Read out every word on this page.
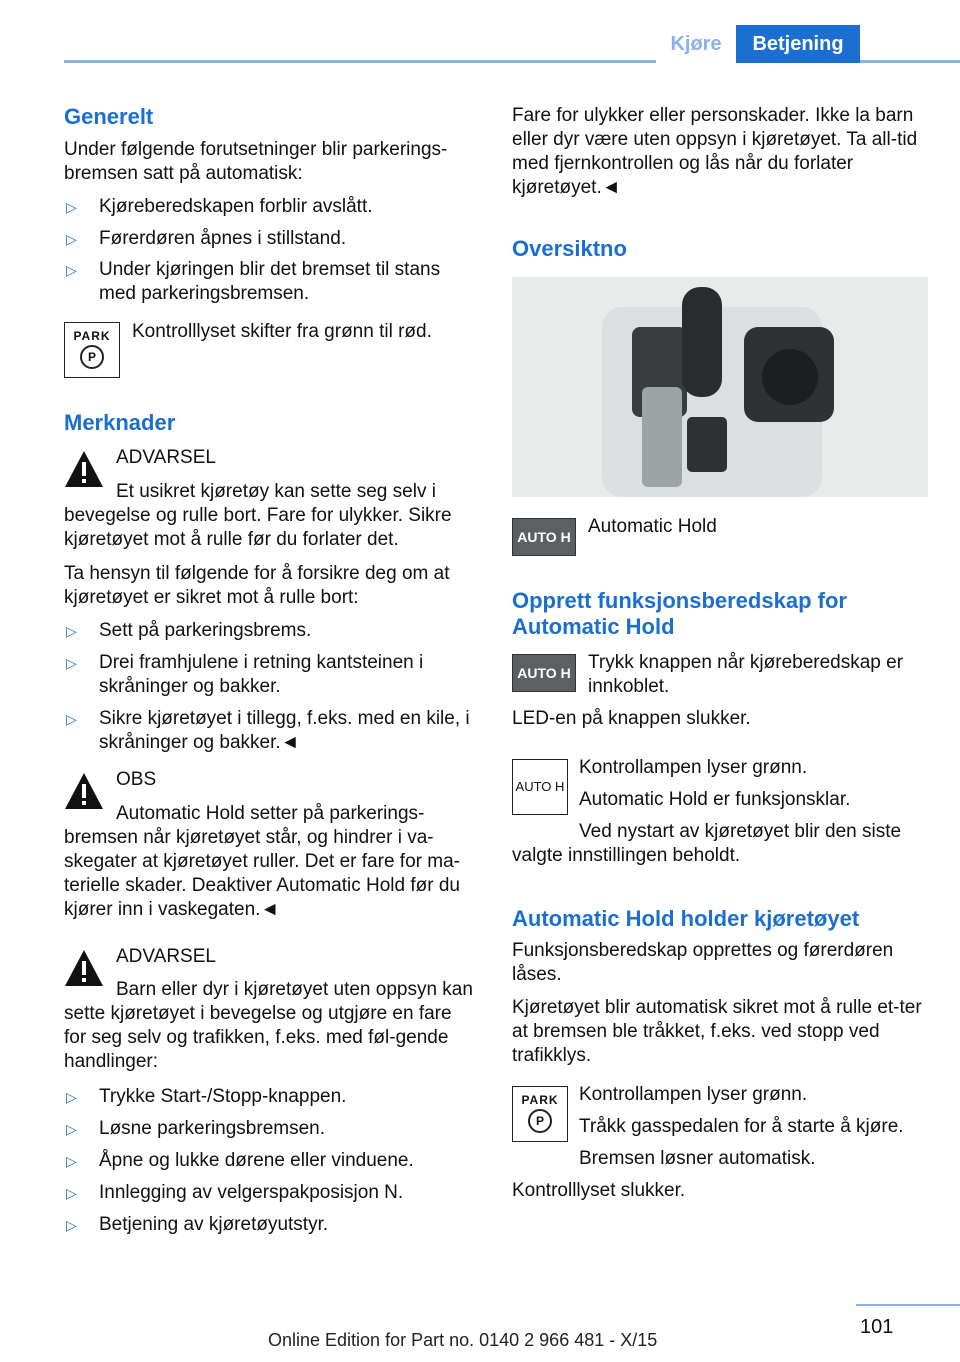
Kjøre	Betjening
Generelt
Under følgende forutsetninger blir parkerings-bremsen satt på automatisk:
▷ Kjøreberedskapen forblir avslått.
▷ Førerdøren åpnes i stillstand.
▷ Under kjøringen blir det bremset til stans med parkeringsbremsen.
PARK
P
Kontrolllyset skifter fra grønn til rød.
Merknader
ADVARSEL
Et usikret kjøretøy kan sette seg selv i bevegelse og rulle bort. Fare for ulykker. Sikre kjøretøyet mot å rulle før du forlater det.
Ta hensyn til følgende for å forsikre deg om at kjøretøyet er sikret mot å rulle bort:
▷ Sett på parkeringsbrems.
▷ Drei framhjulene i retning kantsteinen i skråninger og bakker.
▷ Sikre kjøretøyet i tillegg, f.eks. med en kile, i skråninger og bakker.◄
OBS
Automatic Hold setter på parkerings-bremsen når kjøretøyet står, og hindrer i va-skegater at kjøretøyet ruller. Det er fare for ma-terielle skader. Deaktiver Automatic Hold før du kjører inn i vaskegaten.◄
ADVARSEL
Barn eller dyr i kjøretøyet uten oppsyn kan sette kjøretøyet i bevegelse og utgjøre en fare for seg selv og trafikken, f.eks. med føl-gende handlinger:
▷ Trykke Start-/Stopp-knappen.
▷ Løsne parkeringsbremsen.
▷ Åpne og lukke dørene eller vinduene.
▷ Innlegging av velgerspakposisjon N.
▷ Betjening av kjøretøyutstyr.
Fare for ulykker eller personskader. Ikke la barn eller dyr være uten oppsyn i kjøretøyet. Ta all-tid med fjernkontrollen og lås når du forlater kjøretøyet.◄
Oversiktno
AUTO H Automatic Hold
Opprett funksjonsberedskap for Automatic Hold
AUTO H Trykk knappen når kjøreberedskap er innkoblet.
LED-en på knappen slukker.
AUTO H
Kontrollampen lyser grønn.
Automatic Hold er funksjonsklar.
Ved nystart av kjøretøyet blir den siste valgte innstillingen beholdt.
Automatic Hold holder kjøretøyet
Funksjonsberedskap opprettes og førerdøren låses.
Kjøretøyet blir automatisk sikret mot å rulle et-ter at bremsen ble tråkket, f.eks. ved stopp ved trafikklys.
PARK
P
Kontrollampen lyser grønn.
Tråkk gasspedalen for å starte å kjøre.
Bremsen løsner automatisk.
Kontrolllyset slukker.
101
Online Edition for Part no. 0140 2 966 481 - X/15
